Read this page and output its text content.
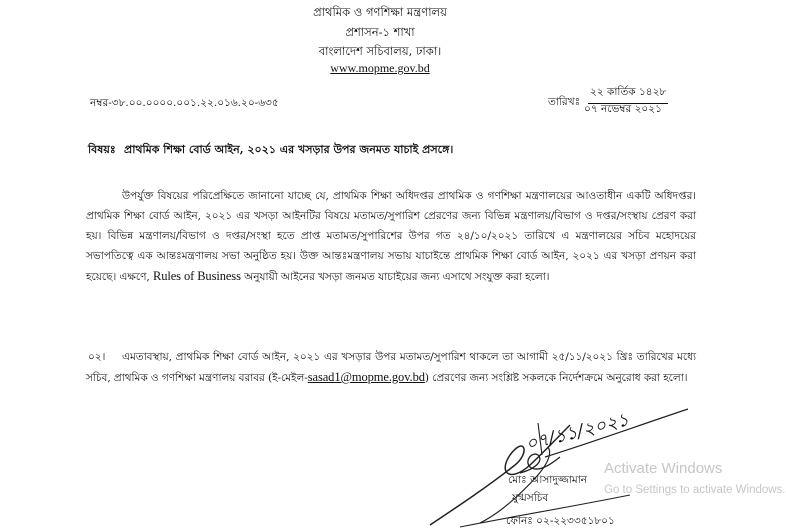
প্রাথমিক ও গণশিক্ষা মন্ত্রণালয়
প্রশাসন-১ শাখা
বাংলাদেশ সচিবালয়, ঢাকা।
www.mopme.gov.bd
নম্বর-৩৮.০০.০০০০.০০১.২২.০১৬.২০-৬৩৫	তারিখঃ
২২ কার্তিক ১৪২৮
০৭ নভেম্বর ২০২১
বিষয়ঃ প্রাথমিক শিক্ষা বোর্ড আইন, ২০২১ এর খসড়ার উপর জনমত যাচাই প্রসঙ্গে।

উপর্যুক্ত বিষয়ের পরিপ্রেক্ষিতে জানানো যাচ্ছে যে, প্রাথমিক শিক্ষা অধিদপ্তর প্রাথমিক ও গণশিক্ষা মন্ত্রণালয়ের আওতাধীন একটি অধিদপ্তর। প্রাথমিক শিক্ষা বোর্ড আইন, ২০২১ এর খসড়া আইনটির বিষয়ে মতামত/সুপারিশ প্রেরণের জন্য বিভিন্ন মন্ত্রণালয়/বিভাগ ও দপ্তর/সংস্থায় প্রেরণ করা হয়। বিভিন্ন মন্ত্রণালয়/বিভাগ ও দপ্তর/সংস্থা হতে প্রাপ্ত মতামত/সুপারিশের উপর গত ২৪/১০/২০২১ তারিখে এ মন্ত্রণালয়ের সচিব মহোদয়ের সভাপতিত্বে এক আন্তঃমন্ত্রণালয় সভা অনুষ্ঠিত হয়। উক্ত আন্তঃমন্ত্রণালয় সভায় যাচাইন্তে প্রাথমিক শিক্ষা বোর্ড আইন, ২০২১ এর খসড়া প্রণয়ন করা হয়েছে। এক্ষণে, Rules of Business অনুযায়ী আইনের খসড়া জনমত যাচাইয়ের জন্য এসাথে সংযুক্ত করা হলো।

০২।	এমতাবস্থায়, প্রাথমিক শিক্ষা বোর্ড আইন, ২০২১ এর খসড়ার উপর মতামত/সুপারিশ থাকলে তা আগামী ২৫/১১/২০২১ খ্রিঃ তারিখের মধ্যে সচিব, প্রাথমিক ও গণশিক্ষা মন্ত্রণালয় বরাবর (ই-মেইল-sasad1@mopme.gov.bd) প্রেরণের জন্য সংশ্লিষ্ট সকলকে নির্দেশক্রমে অনুরোধ করা হলো।

০৭/১১/২০২১
মোঃ আসাদুজ্জামান
যুগ্মসচিব
ফোনঃ ০২-২২৩৩৫১৮০১
Activate Windows
Go to Settings to activate Windows.
